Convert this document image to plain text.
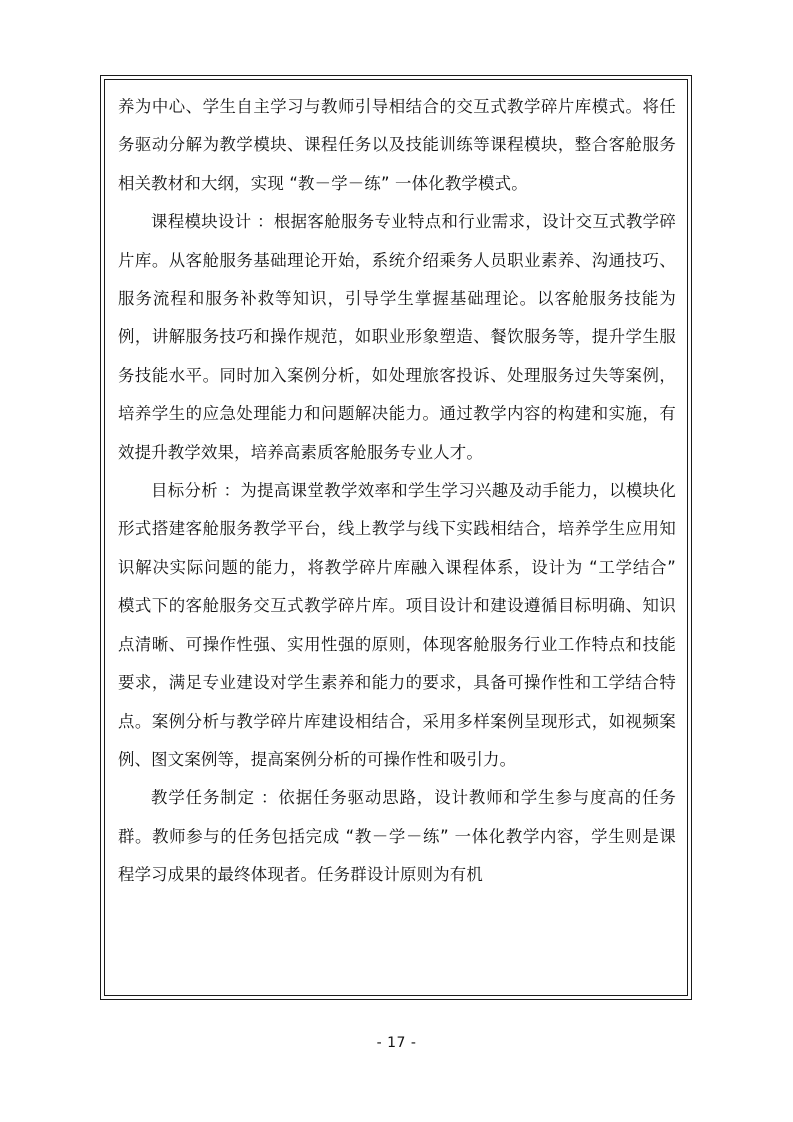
养为中心、学生自主学习与教师引导相结合的交互式教学碎片库模式。将任务驱动分解为教学模块、课程任务以及技能训练等课程模块，整合客舱服务相关教材和大纲，实现 “教－学－练” 一体化教学模式。

课程模块设计 ：根据客舱服务专业特点和行业需求，设计交互式教学碎片库。从客舱服务基础理论开始，系统介绍乘务人员职业素养、沟通技巧、服务流程和服务补救等知识，引导学生掌握基础理论。以客舱服务技能为例，讲解服务技巧和操作规范，如职业形象塑造、餐饮服务等，提升学生服务技能水平。同时加入案例分析，如处理旅客投诉、处理服务过失等案例，培养学生的应急处理能力和问题解决能力。通过教学内容的构建和实施，有效提升教学效果，培养高素质客舱服务专业人才。

目标分析 ：为提高课堂教学效率和学生学习兴趣及动手能力，以模块化形式搭建客舱服务教学平台，线上教学与线下实践相结合，培养学生应用知识解决实际问题的能力，将教学碎片库融入课程体系，设计为 “工学结合” 模式下的客舱服务交互式教学碎片库。项目设计和建设遵循目标明确、知识点清晰、可操作性强、实用性强的原则，体现客舱服务行业工作特点和技能要求，满足专业建设对学生素养和能力的要求，具备可操作性和工学结合特点。案例分析与教学碎片库建设相结合，采用多样案例呈现形式，如视频案例、图文案例等，提高案例分析的可操作性和吸引力。

教学任务制定 ：依据任务驱动思路，设计教师和学生参与度高的任务群。教师参与的任务包括完成 “教－学－练” 一体化教学内容，学生则是课程学习成果的最终体现者。任务群设计原则为有机

- 17 -
